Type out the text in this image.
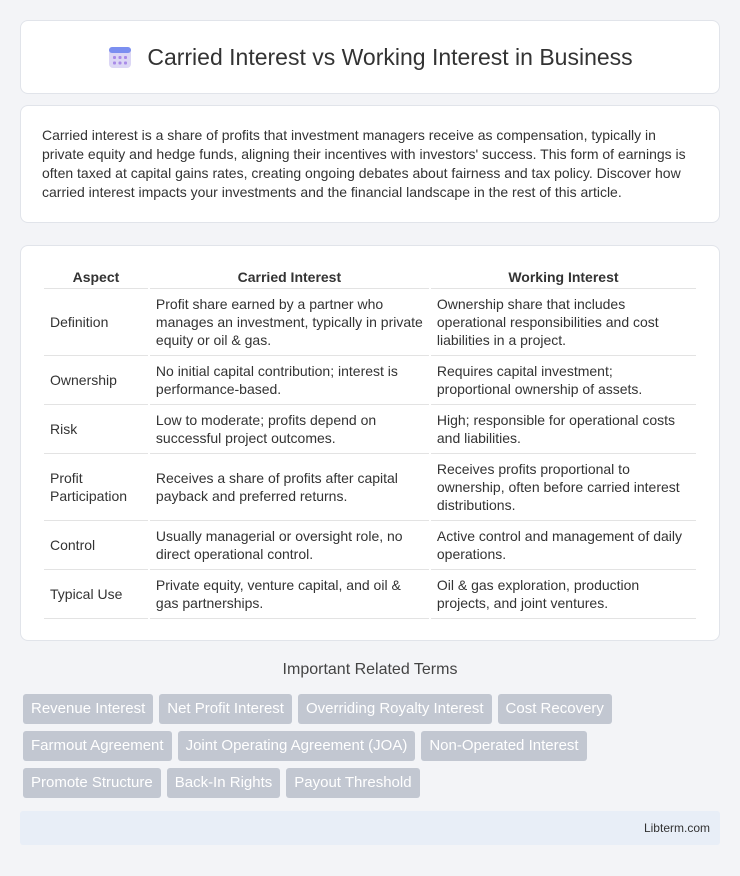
Carried Interest vs Working Interest in Business

Carried interest is a share of profits that investment managers receive as compensation, typically in private equity and hedge funds, aligning their incentives with investors' success. This form of earnings is often taxed at capital gains rates, creating ongoing debates about fairness and tax policy. Discover how carried interest impacts your investments and the financial landscape in the rest of this article.

Aspect	Carried Interest	Working Interest
Definition	Profit share earned by a partner who manages an investment, typically in private equity or oil & gas.	Ownership share that includes operational responsibilities and cost liabilities in a project.
Ownership	No initial capital contribution; interest is performance-based.	Requires capital investment; proportional ownership of assets.
Risk	Low to moderate; profits depend on successful project outcomes.	High; responsible for operational costs and liabilities.
Profit Participation	Receives a share of profits after capital payback and preferred returns.	Receives profits proportional to ownership, often before carried interest distributions.
Control	Usually managerial or oversight role, no direct operational control.	Active control and management of daily operations.
Typical Use	Private equity, venture capital, and oil & gas partnerships.	Oil & gas exploration, production projects, and joint ventures.
Important Related Terms
Revenue Interest	Net Profit Interest	Overriding Royalty Interest	Cost Recovery
Farmout Agreement	Joint Operating Agreement (JOA)	Non-Operated Interest
Promote Structure	Back-In Rights	Payout Threshold
Libterm.com
